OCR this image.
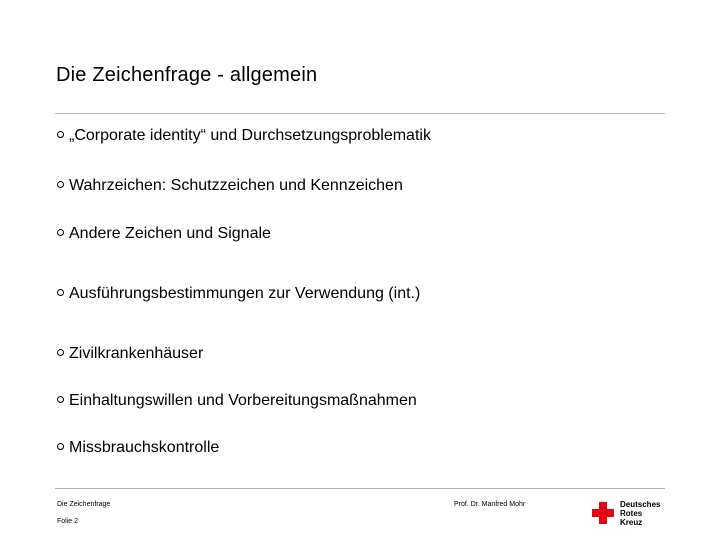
Die Zeichenfrage - allgemein
„Corporate identity“ und Durchsetzungsproblematik
Wahrzeichen: Schutzzeichen und Kennzeichen
Andere Zeichen und Signale
Ausführungsbestimmungen zur Verwendung (int.)
Zivilkrankenhäuser
Einhaltungswillen und Vorbereitungsmaßnahmen
Missbrauchskontrolle
Die Zeichenfrage
Folie 2
Prof. Dr. Manfred Mohr	Deutsches
Rotes
Kreuz
